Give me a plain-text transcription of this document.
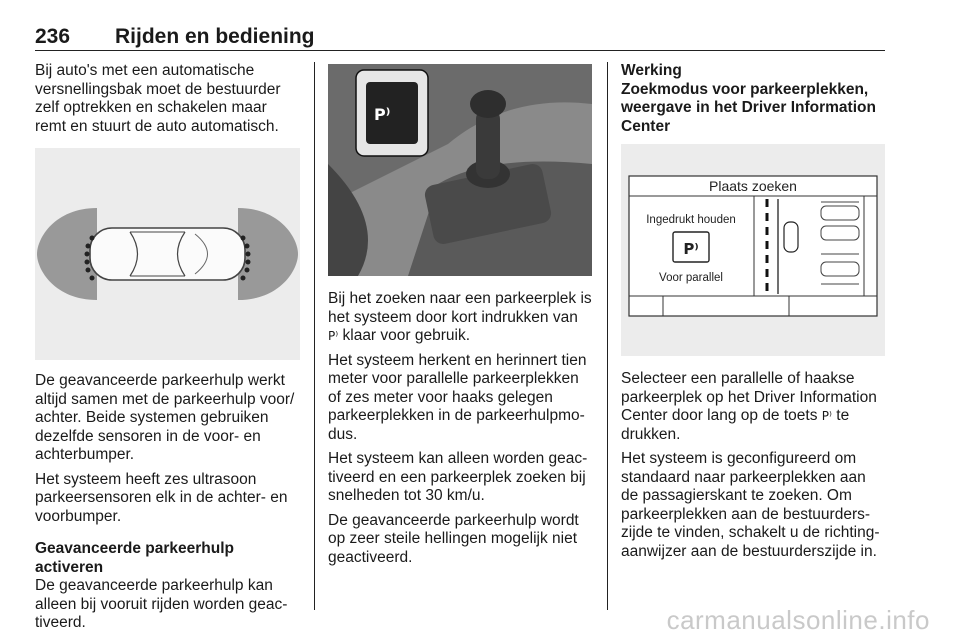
236 Rijden en bediening

Bij auto's met een automatische versnellingsbak moet de bestuurder zelf optrekken en schakelen maar remt en stuurt de auto automatisch.

De geavanceerde parkeerhulp werkt altijd samen met de parkeerhulp voor/ achter. Beide systemen gebruiken dezelfde sensoren in de voor- en achterbumper.

Het systeem heeft zes ultrasoon parkeersensoren elk in de achter- en voorbumper.

Geavanceerde parkeerhulp activeren

De geavanceerde parkeerhulp kan alleen bij vooruit rijden worden geactiveerd.

P⁾

Bij het zoeken naar een parkeerplek is het systeem door kort indrukken van P⁾ klaar voor gebruik.

Het systeem herkent en herinnert tien meter voor parallelle parkeerplekken of zes meter voor haaks gelegen parkeerplekken in de parkeerhulpmodus.

Het systeem kan alleen worden geactiveerd en een parkeerplek zoeken bij snelheden tot 30 km/u.

De geavanceerde parkeerhulp wordt op zeer steile hellingen mogelijk niet geactiveerd.

Werking

Zoekmodus voor parkeerplekken, weergave in het Driver Information Center

Plaats zoeken
Ingedrukt houden
P⁾
Voor parallel

Selecteer een parallelle of haakse parkeerplek op het Driver Information Center door lang op de toets P⁾ te drukken.

Het systeem is geconfigureerd om standaard naar parkeerplekken aan de passagierskant te zoeken. Om parkeerplekken aan de bestuurderszijde te vinden, schakelt u de richtingaanwijzer aan de bestuurderszijde in.

carmanualsonline.info
